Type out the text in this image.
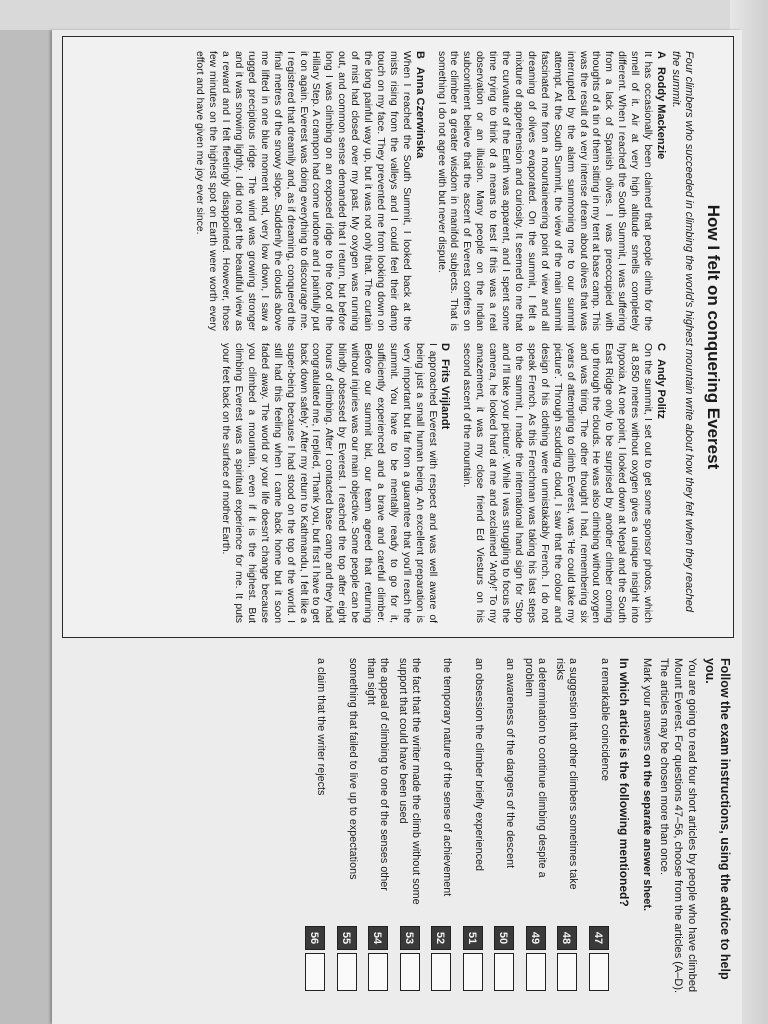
How I felt on conquering Everest
Four climbers who succeeded in climbing the world's highest mountain write about how they felt when they reached the summit.
ARoddy Mackenzie

It has occasionally been claimed that people climb for the smell of it. Air at very high altitude smells completely different. When I reached the South Summit, I was suffering from a lack of Spanish olives. I was preoccupied with thoughts of a tin of them sitting in my tent at base camp. This was the result of a very intense dream about olives that was interrupted by the alarm summoning me to our summit attempt. At the South Summit, the view of the main summit fascinated me from a mountaineering point of view and all dreaming of olives evaporated. On the summit, I felt a mixture of apprehension and curiosity. It seemed to me that the curvature of the Earth was apparent, and I spent some time trying to think of a means to test if this was a real observation or an illusion. Many people on the Indian subcontinent believe that the ascent of Everest confers on the climber a greater wisdom in manifold subjects. That is something I do not agree with but never dispute.

BAnna Czerwinska

When I reached the South Summit, I looked back at the mists rising from the valleys and I could feel their damp touch on my face. They prevented me from looking down on the long painful way up, but it was not only that. The curtain of mist had closed over my past. My oxygen was running out, and common sense demanded that I return, but before long I was climbing on an exposed ridge to the foot of the Hillary Step. A crampon had come undone and I painfully put it on again. Everest was doing everything to discourage me. I registered that dreamily and, as if dreaming, conquered the final metres of the snowy slope. Suddenly the clouds above me lifted in one blue moment and, very low down, I saw a rugged precipitous ridge. The wind was growing stronger and it was snowing lightly. I did not get the beautiful view as a reward and I felt fleetingly disappointed. However, those few minutes on the highest spot on Earth were worth every effort and have given me joy ever since.

CAndy Politz

On the summit, I set out to get some sponsor photos, which at 8,850 metres without oxygen gives a unique insight into hypoxia. At one point, I looked down at Nepal and the South East Ridge only to be surprised by another climber coming up through the clouds. He was also climbing without oxygen and was tiring. The other thought I had, remembering six years of attempting to climb Everest, was 'He could take my picture'. Through scudding cloud, I saw that the colour and design of his clothing were unmistakably French. I do not speak French. As this Frenchman was taking his last steps to the summit, I made the international hand sign for 'Stop and I'll take your picture'. While I was struggling to focus the camera, he looked hard at me and exclaimed 'Andy!' To my amazement, it was my close friend Ed Viesturs on his second ascent of the mountain.

DFrits Vrijlandt

I approached Everest with respect and was well aware of being just a small human being. An excellent preparation is very important but far from a guarantee that you'll reach the summit. You have to be mentally ready to go for it, sufficiently experienced and a brave and careful climber. Before our summit bid, our team agreed that returning without injuries was our main objective. Some people can be blindly obsessed by Everest. I reached the top after eight hours of climbing. After I contacted base camp and they had congratulated me, I replied, 'Thank you, but first I have to get back down safely.' After my return to Kathmandu, I felt like a super-being because I had stood on the top of the world. I still had this feeling when I came back home but it soon faded away. The world or your life doesn't change because you climbed a mountain, even if it is the highest. But climbing Everest was a spiritual experience for me. It puts your feet back on the surface of mother Earth.

Follow the exam instructions, using the advice to help you.
You are going to read four short articles by people who have climbed Mount Everest. For questions 47–56, choose from the articles (A–D). The articles may be chosen more than once.
Mark your answers on the separate answer sheet.
In which article is the following mentioned?
a remarkable coincidence
47
a suggestion that other climbers sometimes take risks
48
a determination to continue climbing despite a problem
49
an awareness of the dangers of the descent
50
an obsession the climber briefly experienced
51
the temporary nature of the sense of achievement
52
the fact that the writer made the climb without some support that could have been used
53
the appeal of climbing to one of the senses other than sight
54
something that failed to live up to expectations
55
a claim that the writer rejects
56
